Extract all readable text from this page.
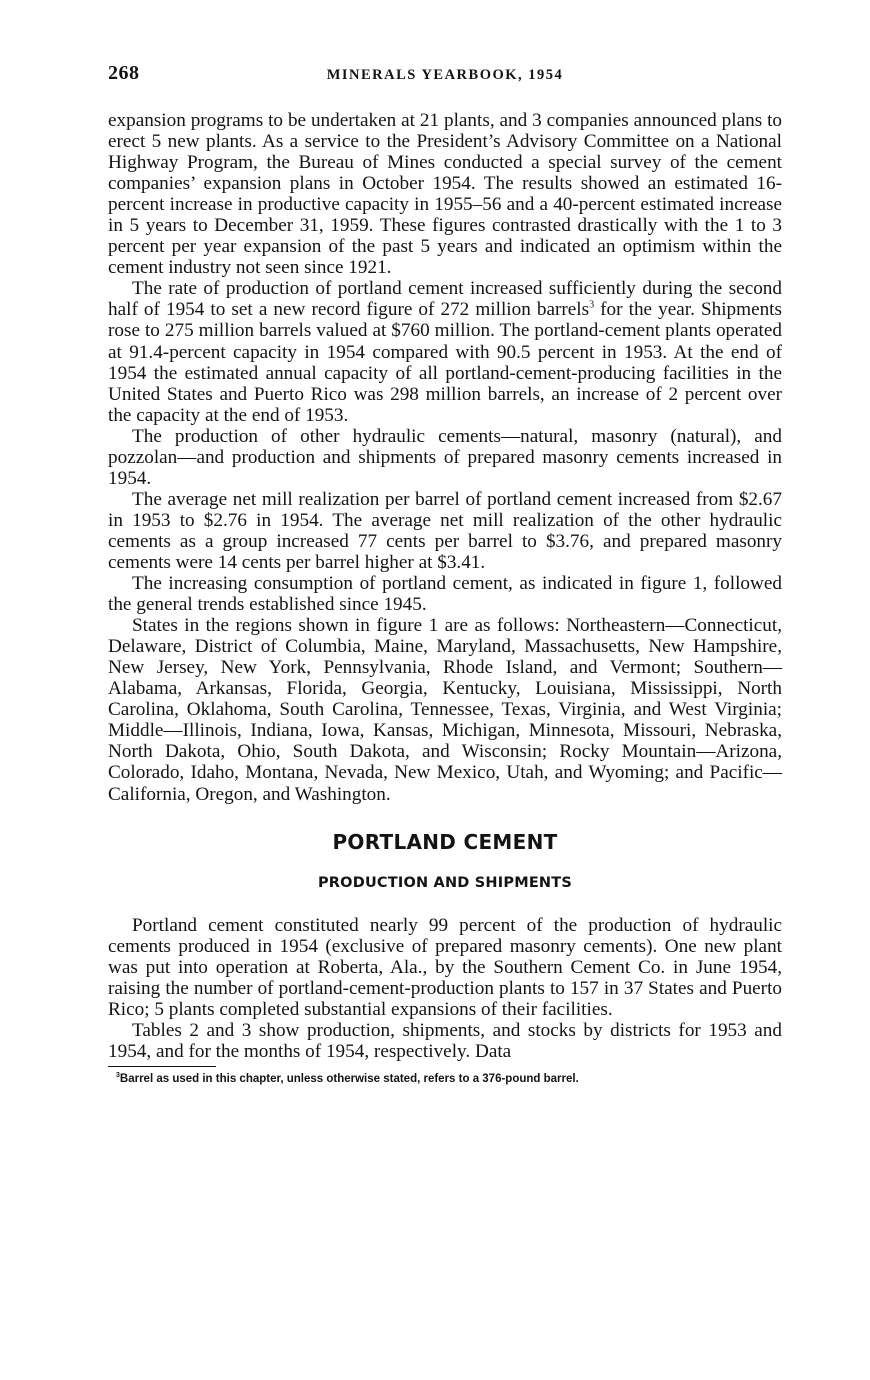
268	MINERALS YEARBOOK, 1954

expansion programs to be undertaken at 21 plants, and 3 companies announced plans to erect 5 new plants. As a service to the President’s Advisory Committee on a National Highway Program, the Bureau of Mines conducted a special survey of the cement companies’ expansion plans in October 1954. The results showed an estimated 16-percent increase in productive capacity in 1955–56 and a 40-percent estimated increase in 5 years to December 31, 1959. These figures contrasted drastically with the 1 to 3 percent per year expansion of the past 5 years and indicated an optimism within the cement industry not seen since 1921.

The rate of production of portland cement increased sufficiently during the second half of 1954 to set a new record figure of 272 million barrels$^3$ for the year. Shipments rose to 275 million barrels valued at $760 million. The portland-cement plants operated at 91.4-percent capacity in 1954 compared with 90.5 percent in 1953. At the end of 1954 the estimated annual capacity of all portland-cement-producing facilities in the United States and Puerto Rico was 298 million barrels, an increase of 2 percent over the capacity at the end of 1953.

The production of other hydraulic cements—natural, masonry (natural), and pozzolan—and production and shipments of prepared masonry cements increased in 1954.

The average net mill realization per barrel of portland cement increased from $2.67 in 1953 to $2.76 in 1954. The average net mill realization of the other hydraulic cements as a group increased 77 cents per barrel to $3.76, and prepared masonry cements were 14 cents per barrel higher at $3.41.

The increasing consumption of portland cement, as indicated in figure 1, followed the general trends established since 1945.

States in the regions shown in figure 1 are as follows: Northeastern—Connecticut, Delaware, District of Columbia, Maine, Maryland, Massachusetts, New Hampshire, New Jersey, New York, Pennsylvania, Rhode Island, and Vermont; Southern—Alabama, Arkansas, Florida, Georgia, Kentucky, Louisiana, Mississippi, North Carolina, Oklahoma, South Carolina, Tennessee, Texas, Virginia, and West Virginia; Middle—Illinois, Indiana, Iowa, Kansas, Michigan, Minnesota, Missouri, Nebraska, North Dakota, Ohio, South Dakota, and Wisconsin; Rocky Mountain—Arizona, Colorado, Idaho, Montana, Nevada, New Mexico, Utah, and Wyoming; and Pacific—California, Oregon, and Washington.

PORTLAND CEMENT
PRODUCTION AND SHIPMENTS

Portland cement constituted nearly 99 percent of the production of hydraulic cements produced in 1954 (exclusive of prepared masonry cements). One new plant was put into operation at Roberta, Ala., by the Southern Cement Co. in June 1954, raising the number of portland-cement-production plants to 157 in 37 States and Puerto Rico; 5 plants completed substantial expansions of their facilities.

Tables 2 and 3 show production, shipments, and stocks by districts for 1953 and 1954, and for the months of 1954, respectively. Data

$^3$Barrel as used in this chapter, unless otherwise stated, refers to a 376-pound barrel.
